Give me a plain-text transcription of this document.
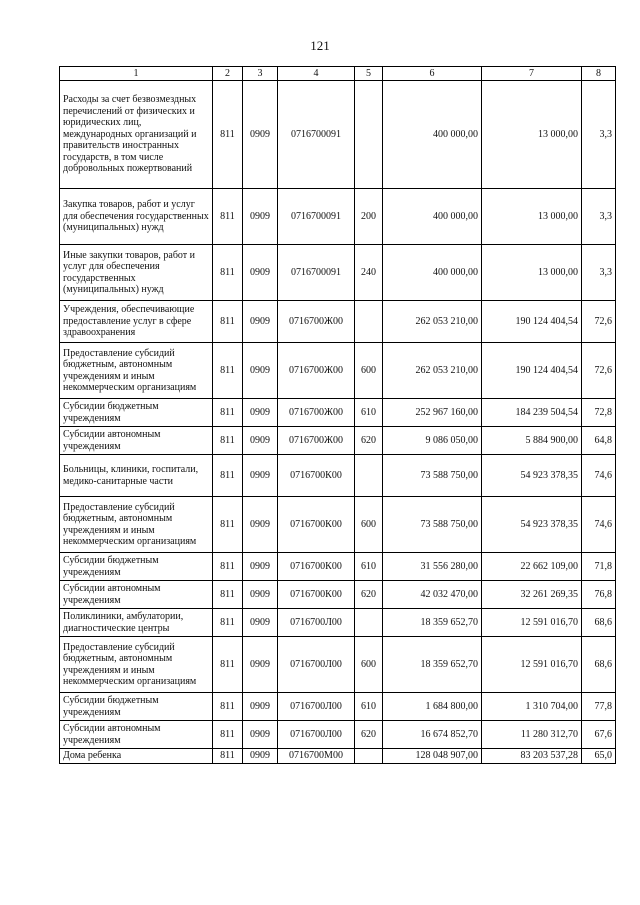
121
1	2	3	4	5	6	7	8
Расходы за счет безвозмездных перечислений от физических и юридических лиц, международных организаций и правительств иностранных государств, в том числе добровольных пожертвований	811	0909	0716700091		400 000,00	13 000,00	3,3
Закупка товаров, работ и услуг для обеспечения государственных (муниципальных) нужд	811	0909	0716700091	200	400 000,00	13 000,00	3,3
Иные закупки товаров, работ и услуг для обеспечения государственных (муниципальных) нужд	811	0909	0716700091	240	400 000,00	13 000,00	3,3
Учреждения, обеспечивающие предоставление услуг в сфере здравоохранения	811	0909	0716700Ж00		262 053 210,00	190 124 404,54	72,6
Предоставление субсидий бюджетным, автономным учреждениям и иным некоммерческим организациям	811	0909	0716700Ж00	600	262 053 210,00	190 124 404,54	72,6
Субсидии бюджетным учреждениям	811	0909	0716700Ж00	610	252 967 160,00	184 239 504,54	72,8
Субсидии автономным учреждениям	811	0909	0716700Ж00	620	9 086 050,00	5 884 900,00	64,8
Больницы, клиники, госпитали, медико-санитарные части	811	0909	0716700К00		73 588 750,00	54 923 378,35	74,6
Предоставление субсидий бюджетным, автономным учреждениям и иным некоммерческим организациям	811	0909	0716700К00	600	73 588 750,00	54 923 378,35	74,6
Субсидии бюджетным учреждениям	811	0909	0716700К00	610	31 556 280,00	22 662 109,00	71,8
Субсидии автономным учреждениям	811	0909	0716700К00	620	42 032 470,00	32 261 269,35	76,8
Поликлиники, амбулатории, диагностические центры	811	0909	0716700Л00		18 359 652,70	12 591 016,70	68,6
Предоставление субсидий бюджетным, автономным учреждениям и иным некоммерческим организациям	811	0909	0716700Л00	600	18 359 652,70	12 591 016,70	68,6
Субсидии бюджетным учреждениям	811	0909	0716700Л00	610	1 684 800,00	1 310 704,00	77,8
Субсидии автономным учреждениям	811	0909	0716700Л00	620	16 674 852,70	11 280 312,70	67,6
Дома ребенка	811	0909	0716700М00		128 048 907,00	83 203 537,28	65,0
